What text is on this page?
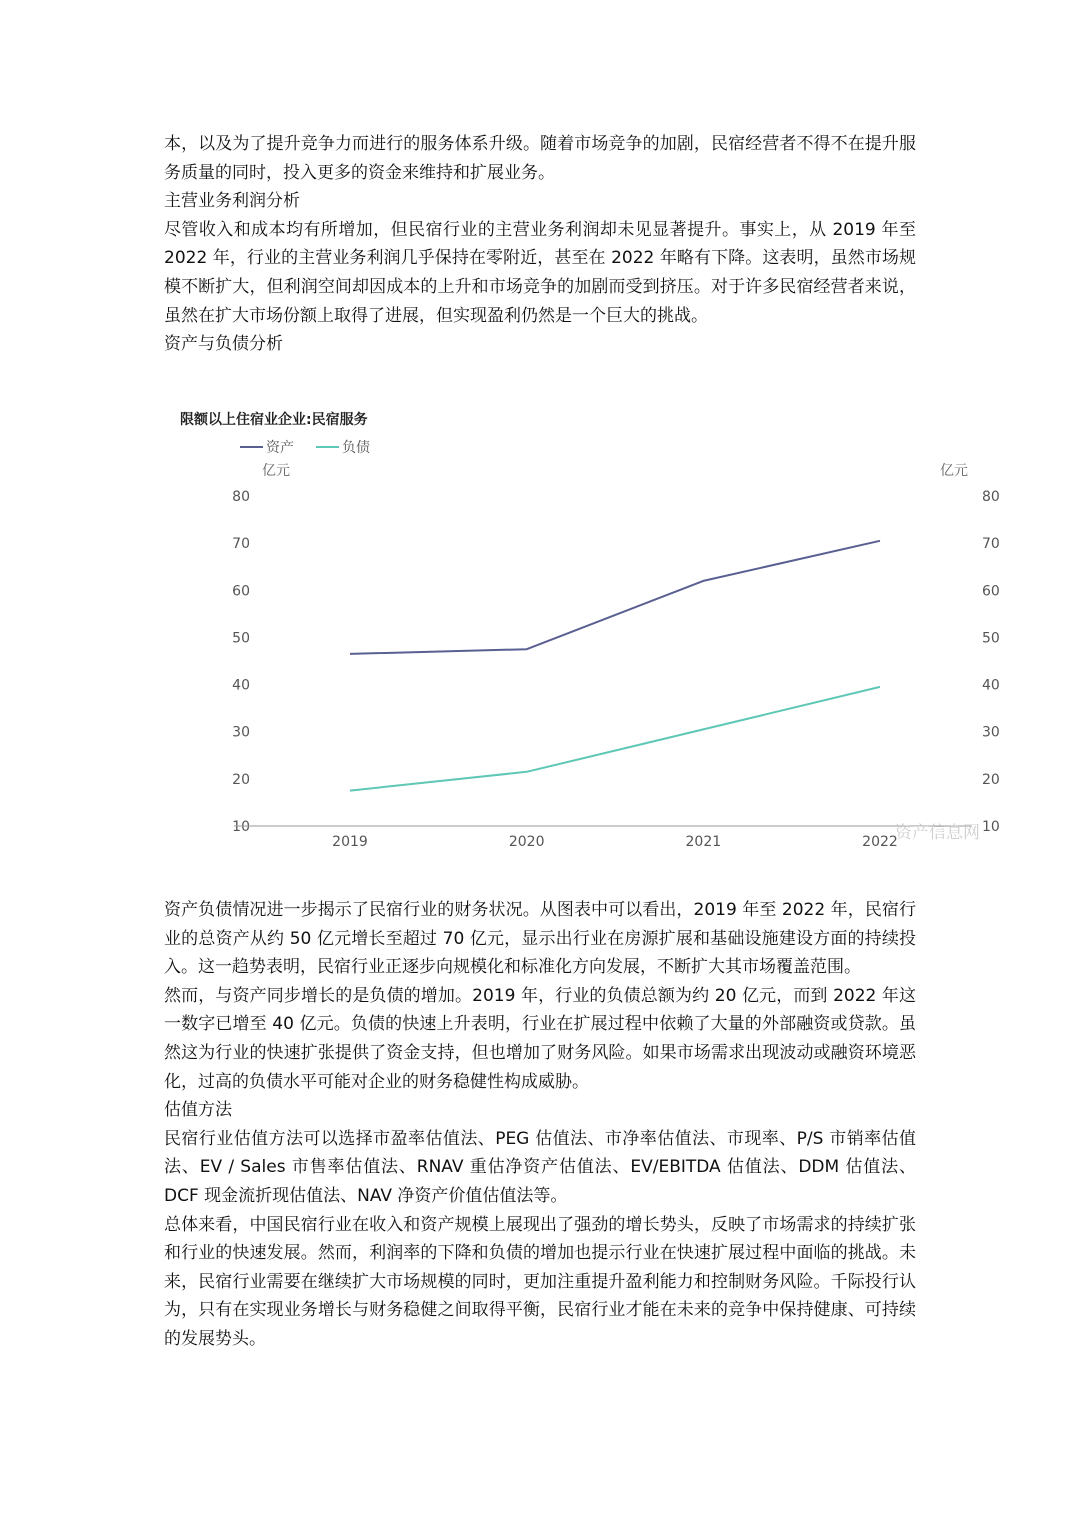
本，以及为了提升竞争力而进行的服务体系升级。随着市场竞争的加剧，民宿经营者不得不在提升服务质量的同时，投入更多的资金来维持和扩展业务。

主营业务利润分析

尽管收入和成本均有所增加，但民宿行业的主营业务利润却未见显著提升。事实上，从 2019 年至 2022 年，行业的主营业务利润几乎保持在零附近，甚至在 2022 年略有下降。这表明，虽然市场规模不断扩大，但利润空间却因成本的上升和市场竞争的加剧而受到挤压。对于许多民宿经营者来说，虽然在扩大市场份额上取得了进展，但实现盈利仍然是一个巨大的挑战。

资产与负债分析

限额以上住宿业企业:民宿服务
资产	负债
亿元	亿元
10
20
30
40
50
60
70
80
10
20
30
40
50
60
70
80
2019	2020	2021	2022
资产信息网

资产负债情况进一步揭示了民宿行业的财务状况。从图表中可以看出，2019 年至 2022 年，民宿行业的总资产从约 50 亿元增长至超过 70 亿元，显示出行业在房源扩展和基础设施建设方面的持续投入。这一趋势表明，民宿行业正逐步向规模化和标准化方向发展，不断扩大其市场覆盖范围。

然而，与资产同步增长的是负债的增加。2019 年，行业的负债总额为约 20 亿元，而到 2022 年这一数字已增至 40 亿元。负债的快速上升表明，行业在扩展过程中依赖了大量的外部融资或贷款。虽然这为行业的快速扩张提供了资金支持，但也增加了财务风险。如果市场需求出现波动或融资环境恶化，过高的负债水平可能对企业的财务稳健性构成威胁。

估值方法

民宿行业估值方法可以选择市盈率估值法、PEG 估值法、市净率估值法、市现率、P/S 市销率估值法、EV / Sales 市售率估值法、RNAV 重估净资产估值法、EV/EBITDA 估值法、DDM 估值法、DCF 现金流折现估值法、NAV 净资产价值估值法等。

总体来看，中国民宿行业在收入和资产规模上展现出了强劲的增长势头，反映了市场需求的持续扩张和行业的快速发展。然而，利润率的下降和负债的增加也提示行业在快速扩展过程中面临的挑战。未来，民宿行业需要在继续扩大市场规模的同时，更加注重提升盈利能力和控制财务风险。千际投行认为，只有在实现业务增长与财务稳健之间取得平衡，民宿行业才能在未来的竞争中保持健康、可持续的发展势头。
